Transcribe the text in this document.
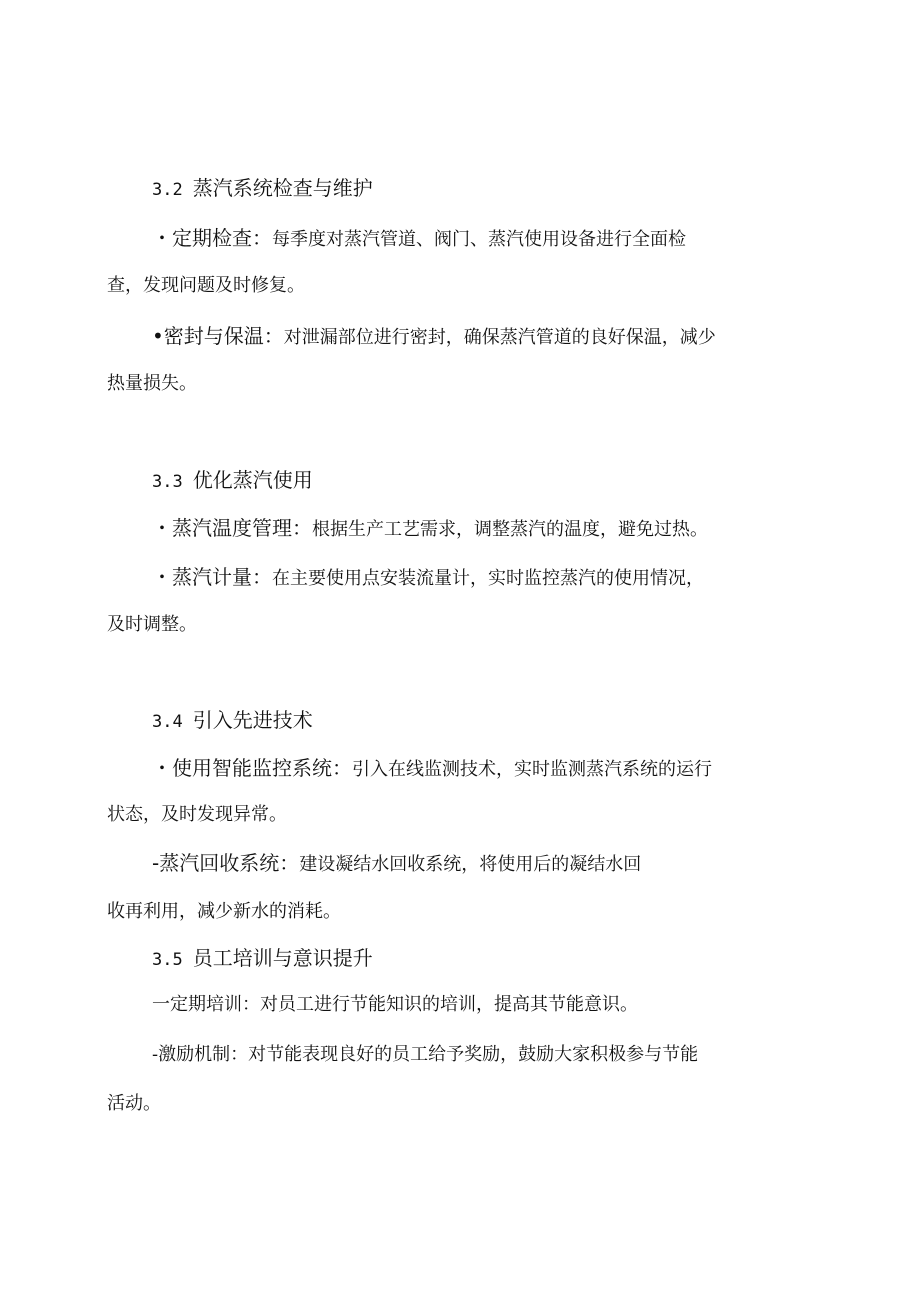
3.2 蒸汽系统检查与维护
・定期检查：每季度对蒸汽管道、阀门、蒸汽使用设备进行全面检
查，发现问题及时修复。
•密封与保温：对泄漏部位进行密封，确保蒸汽管道的良好保温，减少
热量损失。
3.3 优化蒸汽使用
・蒸汽温度管理：根据生产工艺需求，调整蒸汽的温度，避免过热。
・蒸汽计量：在主要使用点安装流量计，实时监控蒸汽的使用情况，
及时调整。
3.4 引入先进技术
・使用智能监控系统：引入在线监测技术，实时监测蒸汽系统的运行
状态，及时发现异常。
-蒸汽回收系统：建设凝结水回收系统，将使用后的凝结水回
收再利用，减少新水的消耗。
3.5 员工培训与意识提升
一定期培训：对员工进行节能知识的培训，提高其节能意识。
-激励机制：对节能表现良好的员工给予奖励，鼓励大家积极参与节能
活动。
